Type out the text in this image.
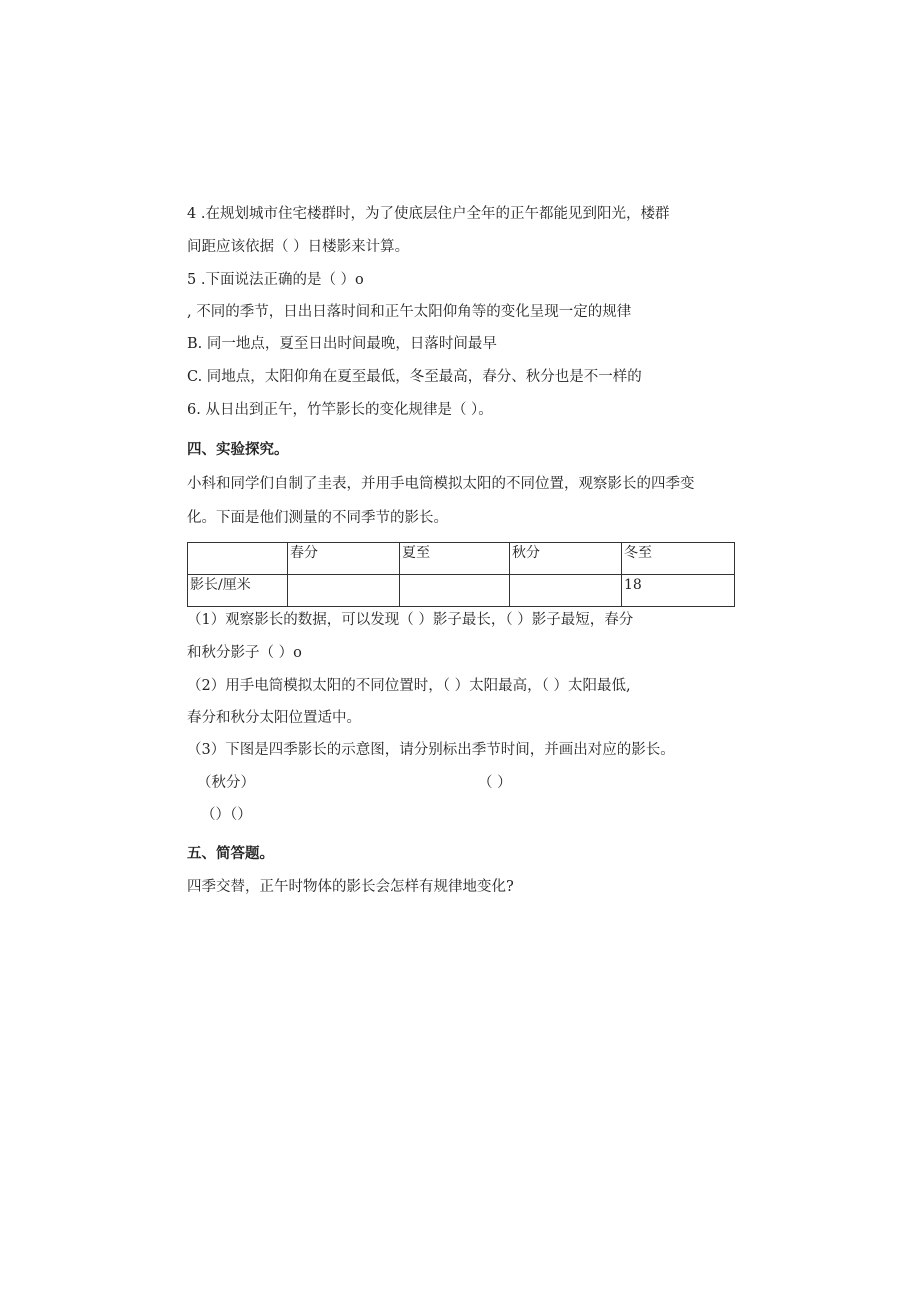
4 .在规划城市住宅楼群时，为了使底层住户全年的正午都能见到阳光，楼群
间距应该依据（ ）日楼影来计算。
5 .下面说法正确的是（ ）o
, 不同的季节，日出日落时间和正午太阳仰角等的变化呈现一定的规律
B. 同一地点，夏至日出时间最晚，日落时间最早
C. 同地点，太阳仰角在夏至最低，冬至最高，春分、秋分也是不一样的
6. 从日出到正午，竹竿影长的变化规律是（ ）。
四、实验探究。
小科和同学们自制了圭表，并用手电筒模拟太阳的不同位置，观察影长的四季变
化。下面是他们测量的不同季节的影长。
	春分	夏至	秋分	冬至
影长/厘米				18
（1）观察影长的数据，可以发现（ ）影子最长，（ ）影子最短，春分
和秋分影子（ ）o
（2）用手电筒模拟太阳的不同位置时，（ ）太阳最高，（ ）太阳最低,
春分和秋分太阳位置适中。
（3）下图是四季影长的示意图，请分别标出季节时间，并画出对应的影长。
（秋分）	（ ）
（）（）
五、简答题。
四季交替，正午时物体的影长会怎样有规律地变化?
